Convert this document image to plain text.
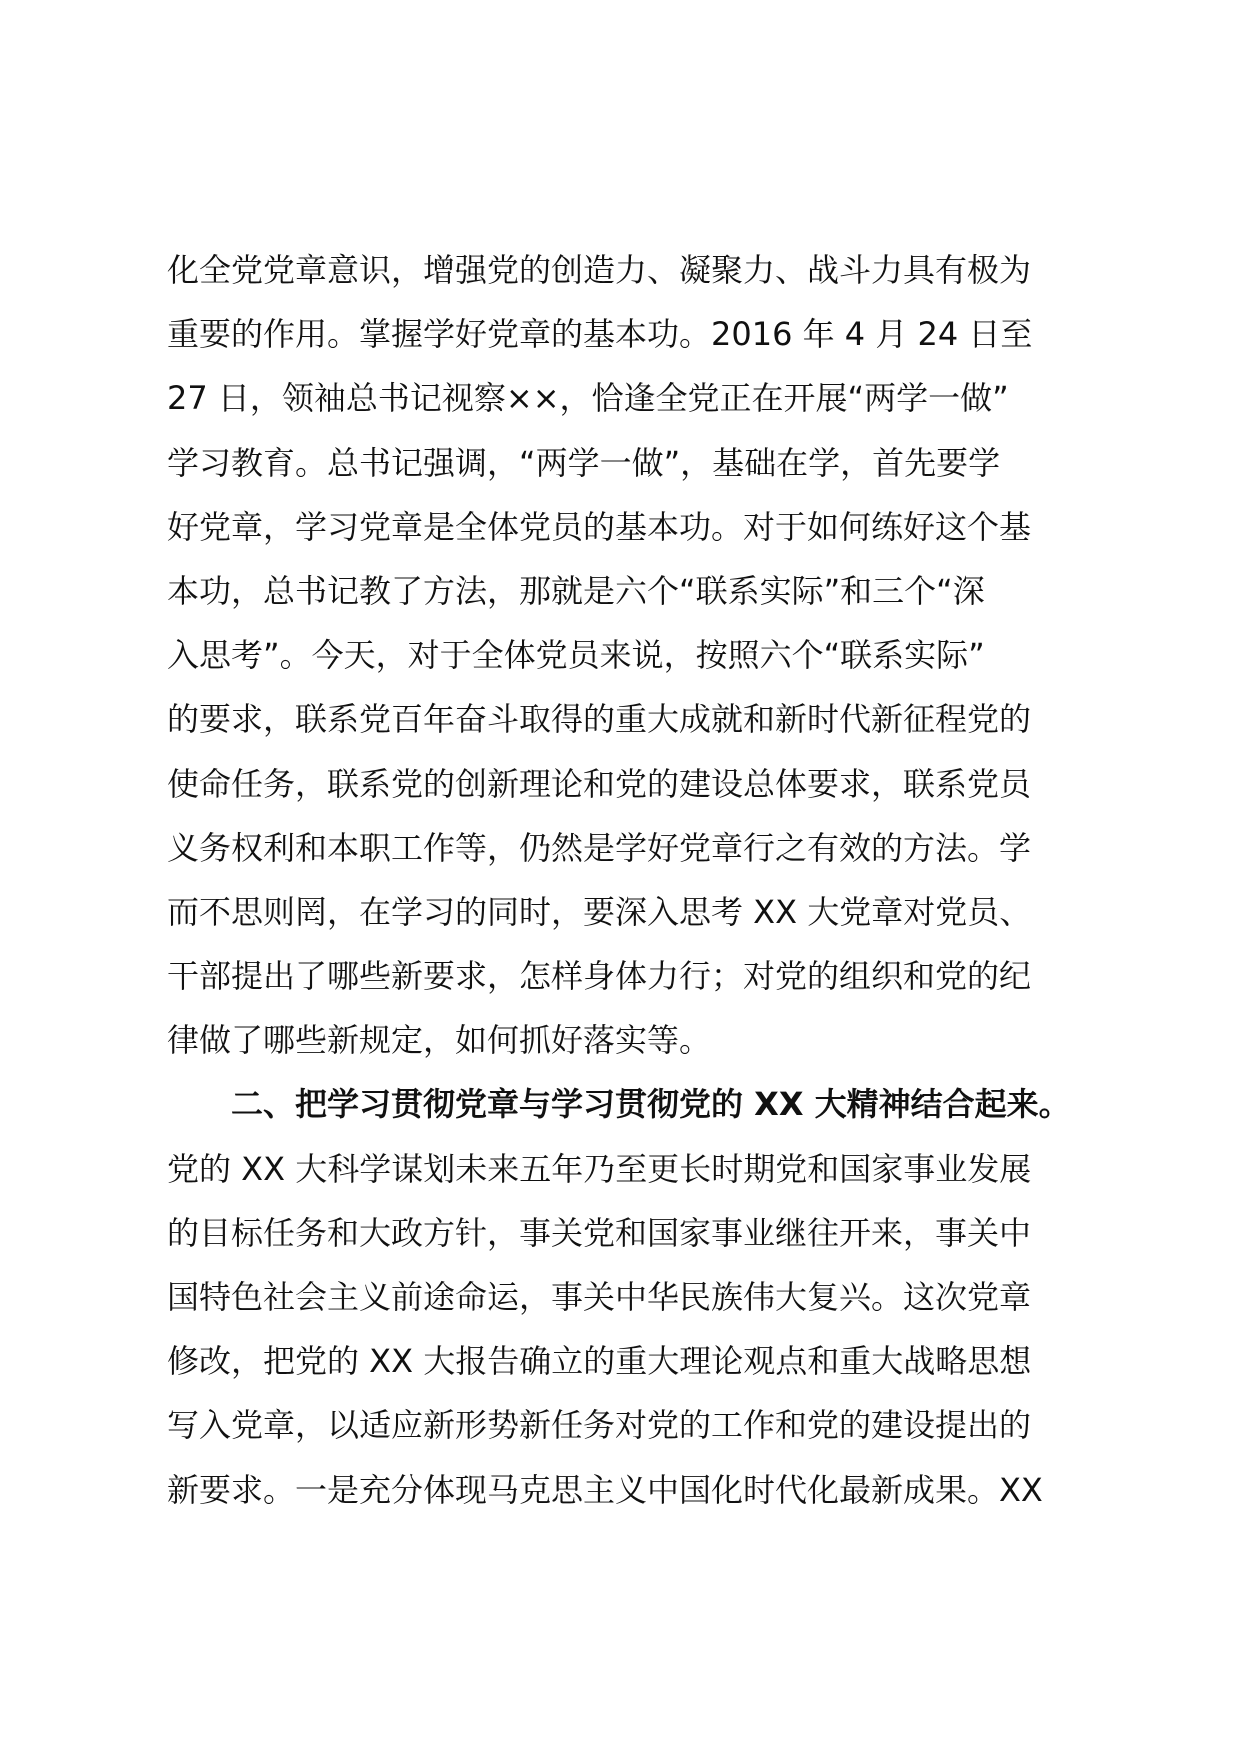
化全党党章意识，增强党的创造力、凝聚力、战斗力具有极为
重要的作用。掌握学好党章的基本功。2016 年 4 月 24 日至
27 日，领袖总书记视察××，恰逢全党正在开展“两学一做”
学习教育。总书记强调，“两学一做”，基础在学，首先要学
好党章，学习党章是全体党员的基本功。对于如何练好这个基
本功，总书记教了方法，那就是六个“联系实际”和三个“深
入思考”。今天，对于全体党员来说，按照六个“联系实际”
的要求，联系党百年奋斗取得的重大成就和新时代新征程党的
使命任务，联系党的创新理论和党的建设总体要求，联系党员
义务权利和本职工作等，仍然是学好党章行之有效的方法。学
而不思则罔，在学习的同时，要深入思考 XX 大党章对党员、
干部提出了哪些新要求，怎样身体力行；对党的组织和党的纪
律做了哪些新规定，如何抓好落实等。
二、把学习贯彻党章与学习贯彻党的 XX 大精神结合起来。
党的 XX 大科学谋划未来五年乃至更长时期党和国家事业发展
的目标任务和大政方针，事关党和国家事业继往开来，事关中
国特色社会主义前途命运，事关中华民族伟大复兴。这次党章
修改，把党的 XX 大报告确立的重大理论观点和重大战略思想
写入党章，以适应新形势新任务对党的工作和党的建设提出的
新要求。一是充分体现马克思主义中国化时代化最新成果。XX
